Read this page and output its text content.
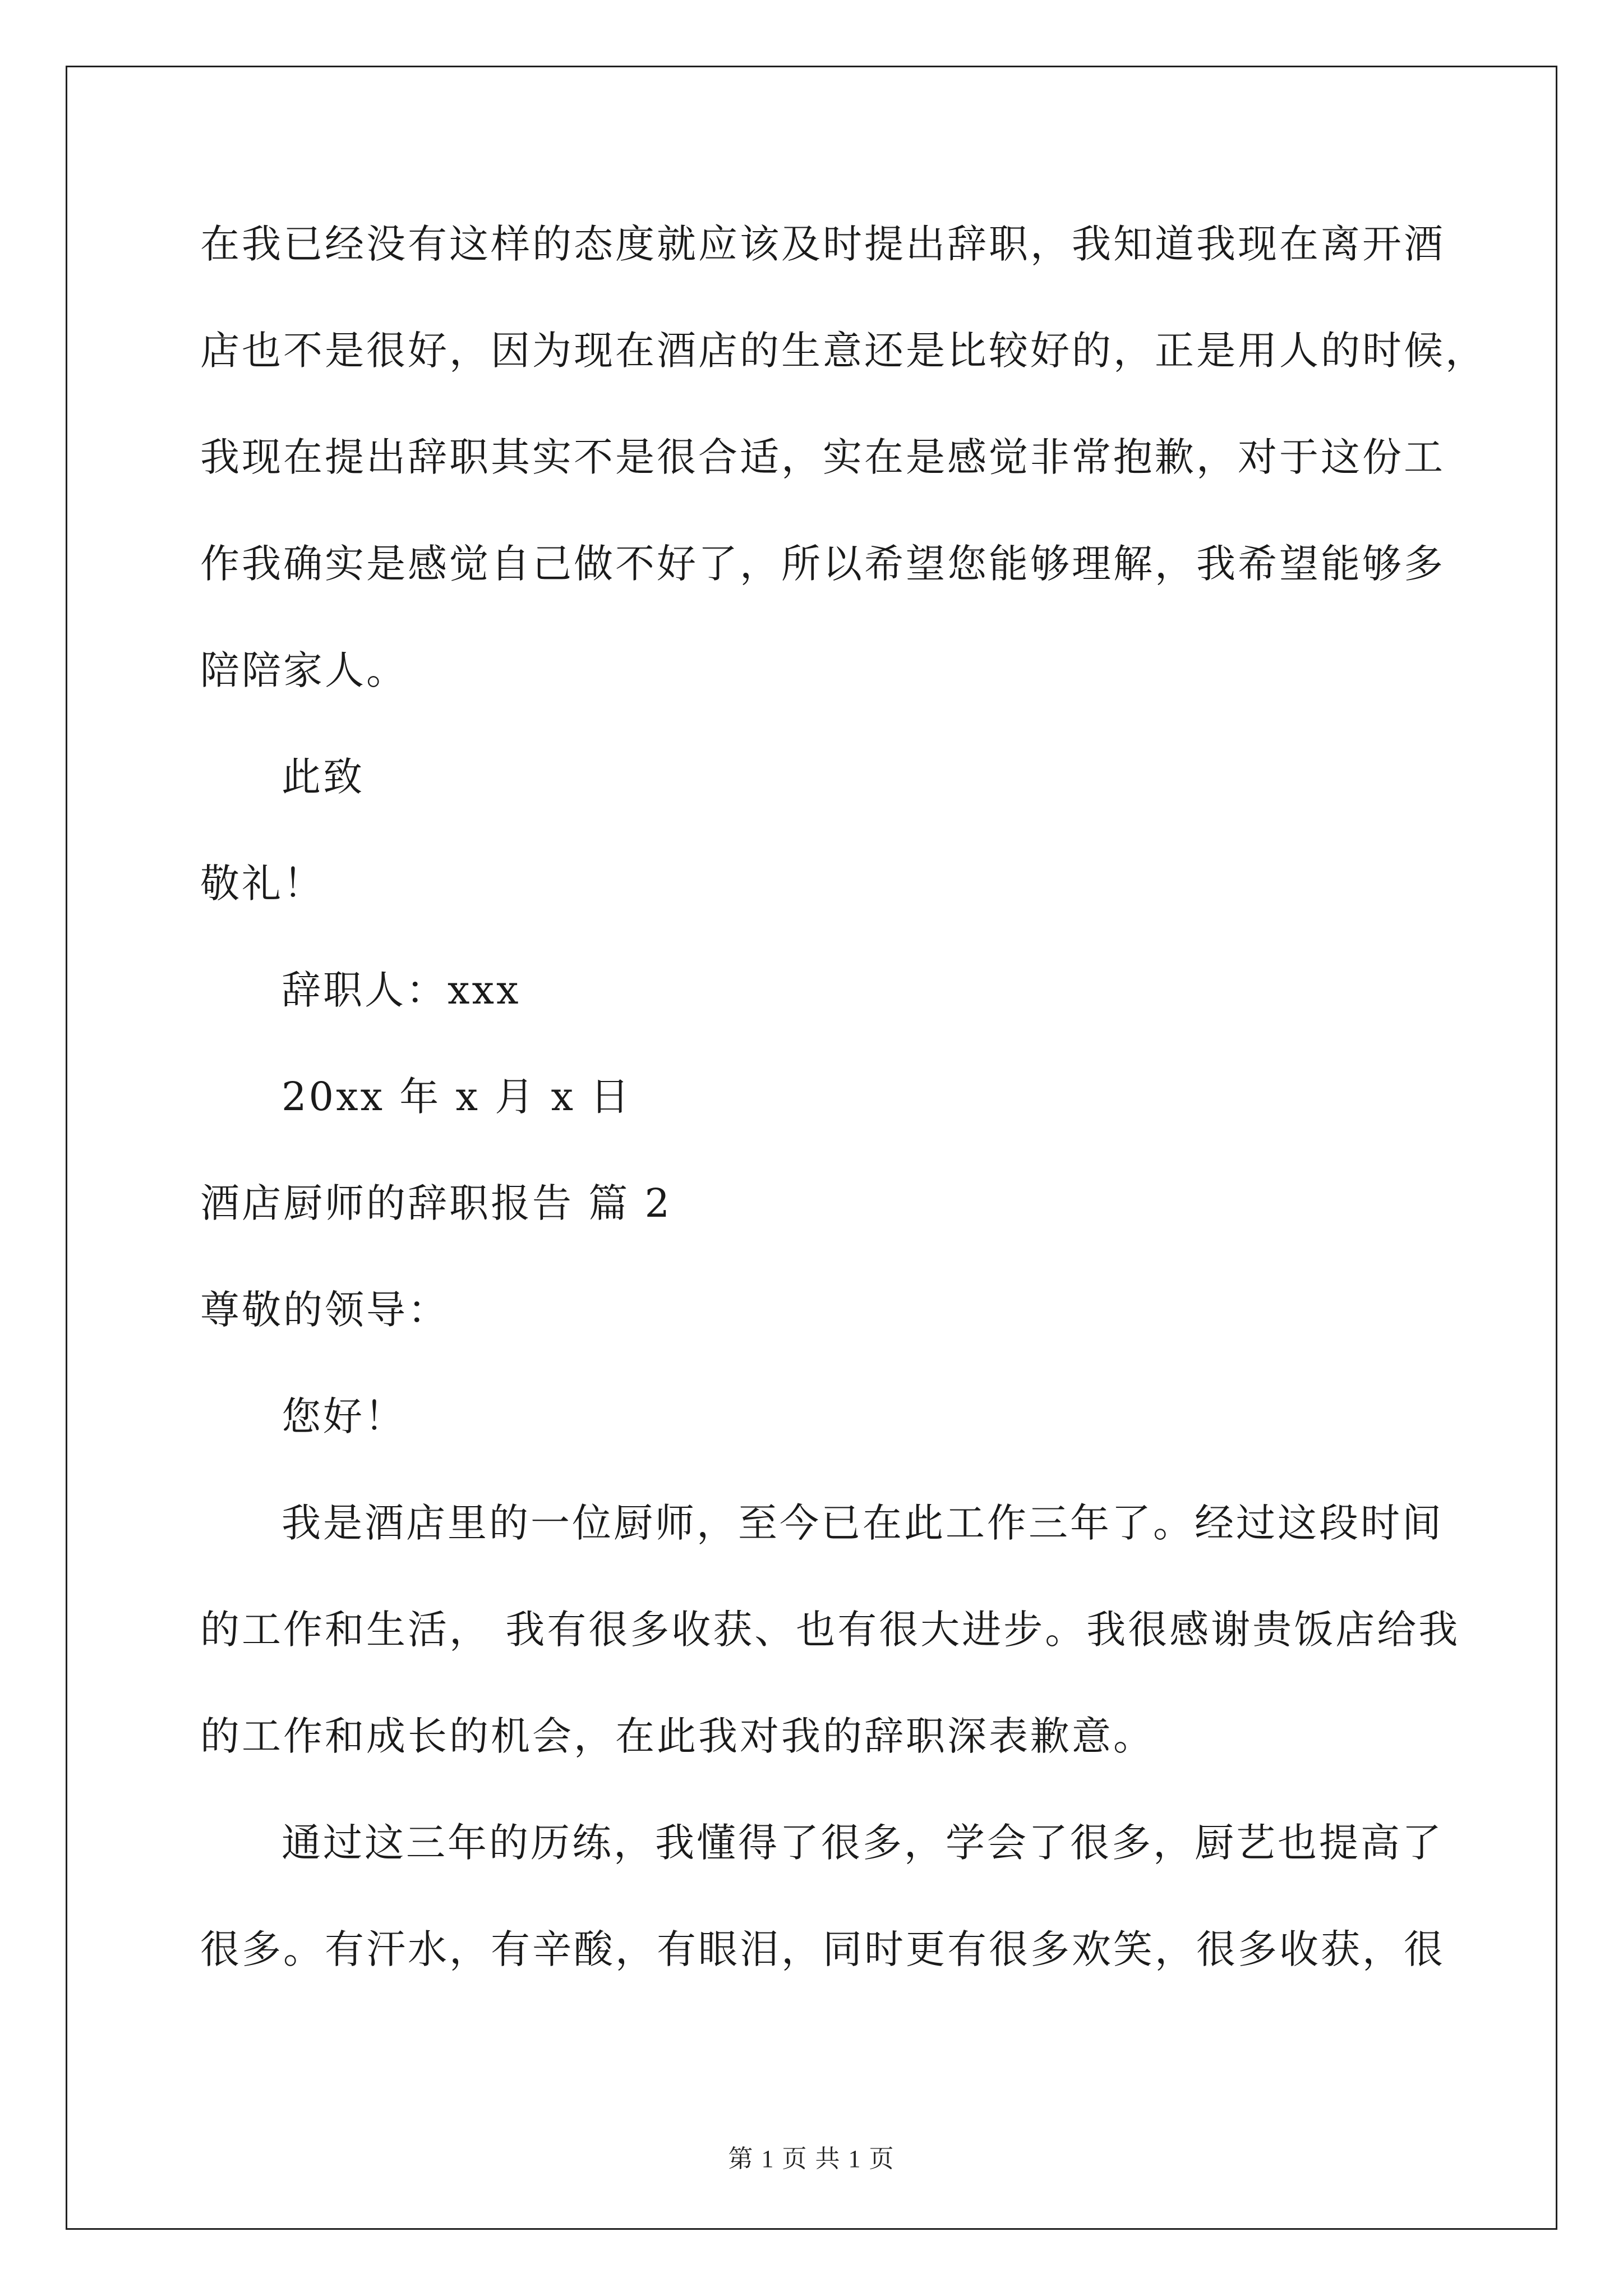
在我已经没有这样的态度就应该及时提出辞职，我知道我现在离开酒
店也不是很好，因为现在酒店的生意还是比较好的，正是用人的时候，
我现在提出辞职其实不是很合适，实在是感觉非常抱歉，对于这份工
作我确实是感觉自己做不好了，所以希望您能够理解，我希望能够多
陪陪家人。
此致
敬礼！
辞职人：xxx
20xx 年 x 月 x 日
酒店厨师的辞职报告 篇 2
尊敬的领导：
您好！
我是酒店里的一位厨师，至今已在此工作三年了。经过这段时间
的工作和生活， 我有很多收获、也有很大进步。我很感谢贵饭店给我
的工作和成长的机会，在此我对我的辞职深表歉意。
通过这三年的历练，我懂得了很多，学会了很多，厨艺也提高了
很多。有汗水，有辛酸，有眼泪，同时更有很多欢笑，很多收获，很
第 1 页 共 1 页
